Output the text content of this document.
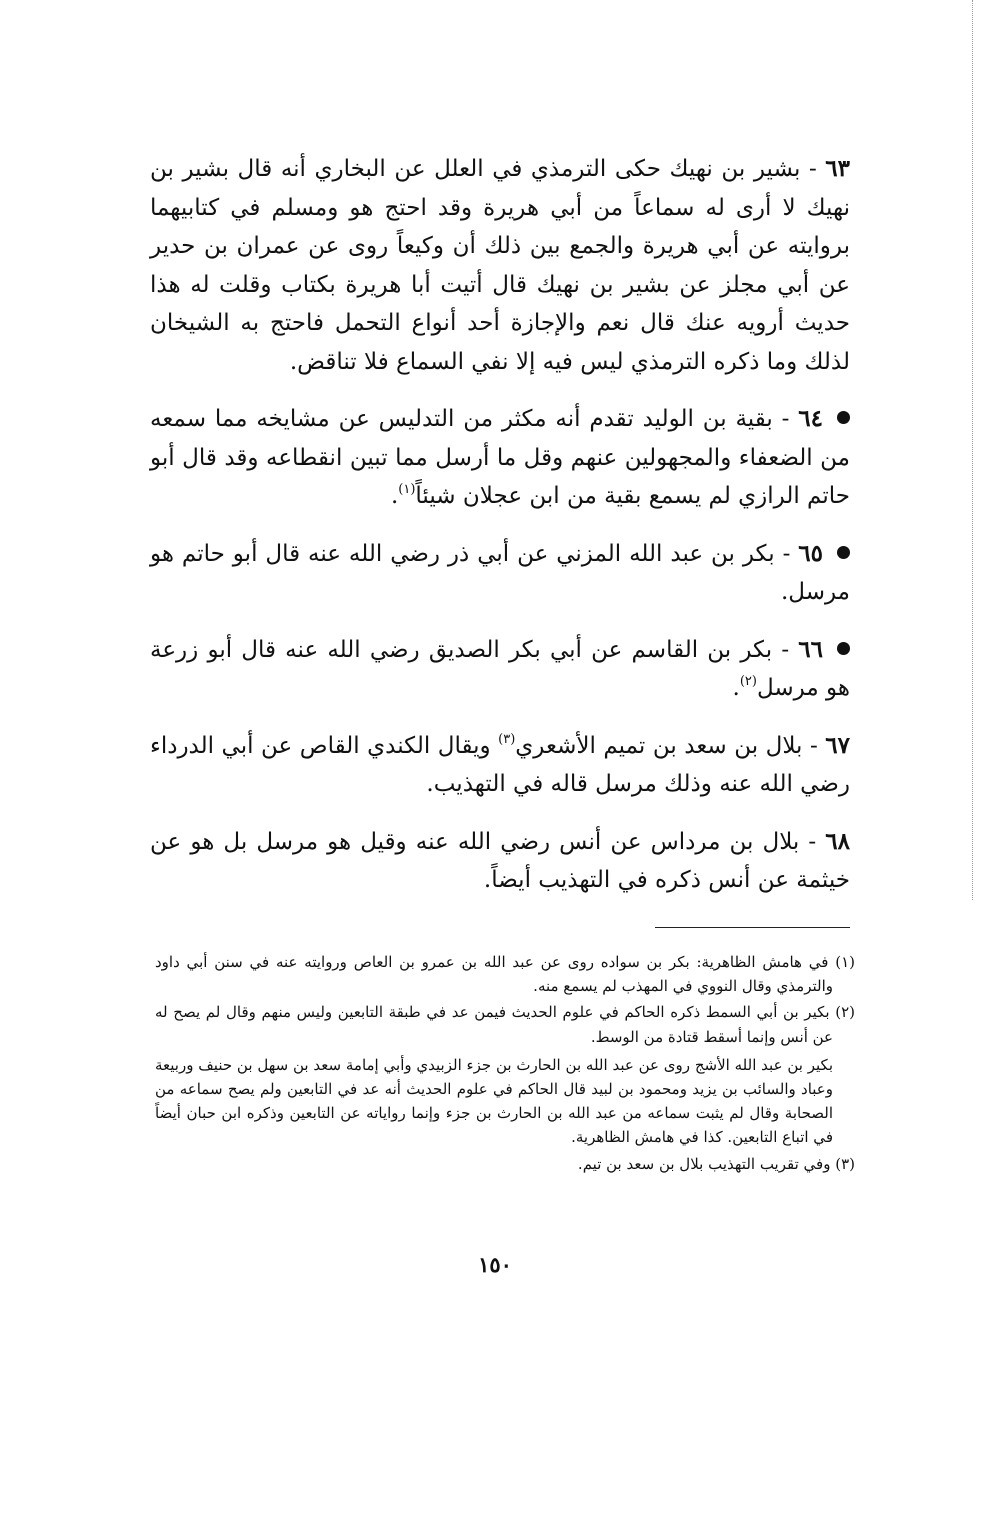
٦٣ - بشير بن نهيك حكى الترمذي في العلل عن البخاري أنه قال بشير بن نهيك لا أرى له سماعاً من أبي هريرة وقد احتج هو ومسلم في كتابيهما بروايته عن أبي هريرة والجمع بين ذلك أن وكيعاً روى عن عمران بن حدير عن أبي مجلز عن بشير بن نهيك قال أتيت أبا هريرة بكتاب وقلت له هذا حديث أرويه عنك قال نعم والإجازة أحد أنواع التحمل فاحتج به الشيخان لذلك وما ذكره الترمذي ليس فيه إلا نفي السماع فلا تناقض.

٦٤ - بقية بن الوليد تقدم أنه مكثر من التدليس عن مشايخه مما سمعه من الضعفاء والمجهولين عنهم وقل ما أرسل مما تبين انقطاعه وقد قال أبو حاتم الرازي لم يسمع بقية من ابن عجلان شيئاً$^{(١)}$.

٦٥ - بكر بن عبد الله المزني عن أبي ذر رضي الله عنه قال أبو حاتم هو مرسل.

٦٦ - بكر بن القاسم عن أبي بكر الصديق رضي الله عنه قال أبو زرعة هو مرسل$^{(٢)}$.

٦٧ - بلال بن سعد بن تميم الأشعري$^{(٣)}$ ويقال الكندي القاص عن أبي الدرداء رضي الله عنه وذلك مرسل قاله في التهذيب.

٦٨ - بلال بن مرداس عن أنس رضي الله عنه وقيل هو مرسل بل هو عن خيثمة عن أنس ذكره في التهذيب أيضاً.

(١) في هامش الظاهرية: بكر بن سواده روى عن عبد الله بن عمرو بن العاص وروايته عنه في سنن أبي داود والترمذي وقال النووي في المهذب لم يسمع منه.

(٢) بكير بن أبي السمط ذكره الحاكم في علوم الحديث فيمن عد في طبقة التابعين وليس منهم وقال لم يصح له عن أنس وإنما أسقط قتادة من الوسط.

بكير بن عبد الله الأشج روى عن عبد الله بن الحارث بن جزء الزبيدي وأبي إمامة سعد بن سهل بن حنيف وربيعة وعباد والسائب بن يزيد ومحمود بن لبيد قال الحاكم في علوم الحديث أنه عد في التابعين ولم يصح سماعه من الصحابة وقال لم يثبت سماعه من عبد الله بن الحارث بن جزء وإنما رواياته عن التابعين وذكره ابن حبان أيضاً في اتباع التابعين. كذا في هامش الظاهرية.

(٣) وفي تقريب التهذيب بلال بن سعد بن تيم.

١٥٠
